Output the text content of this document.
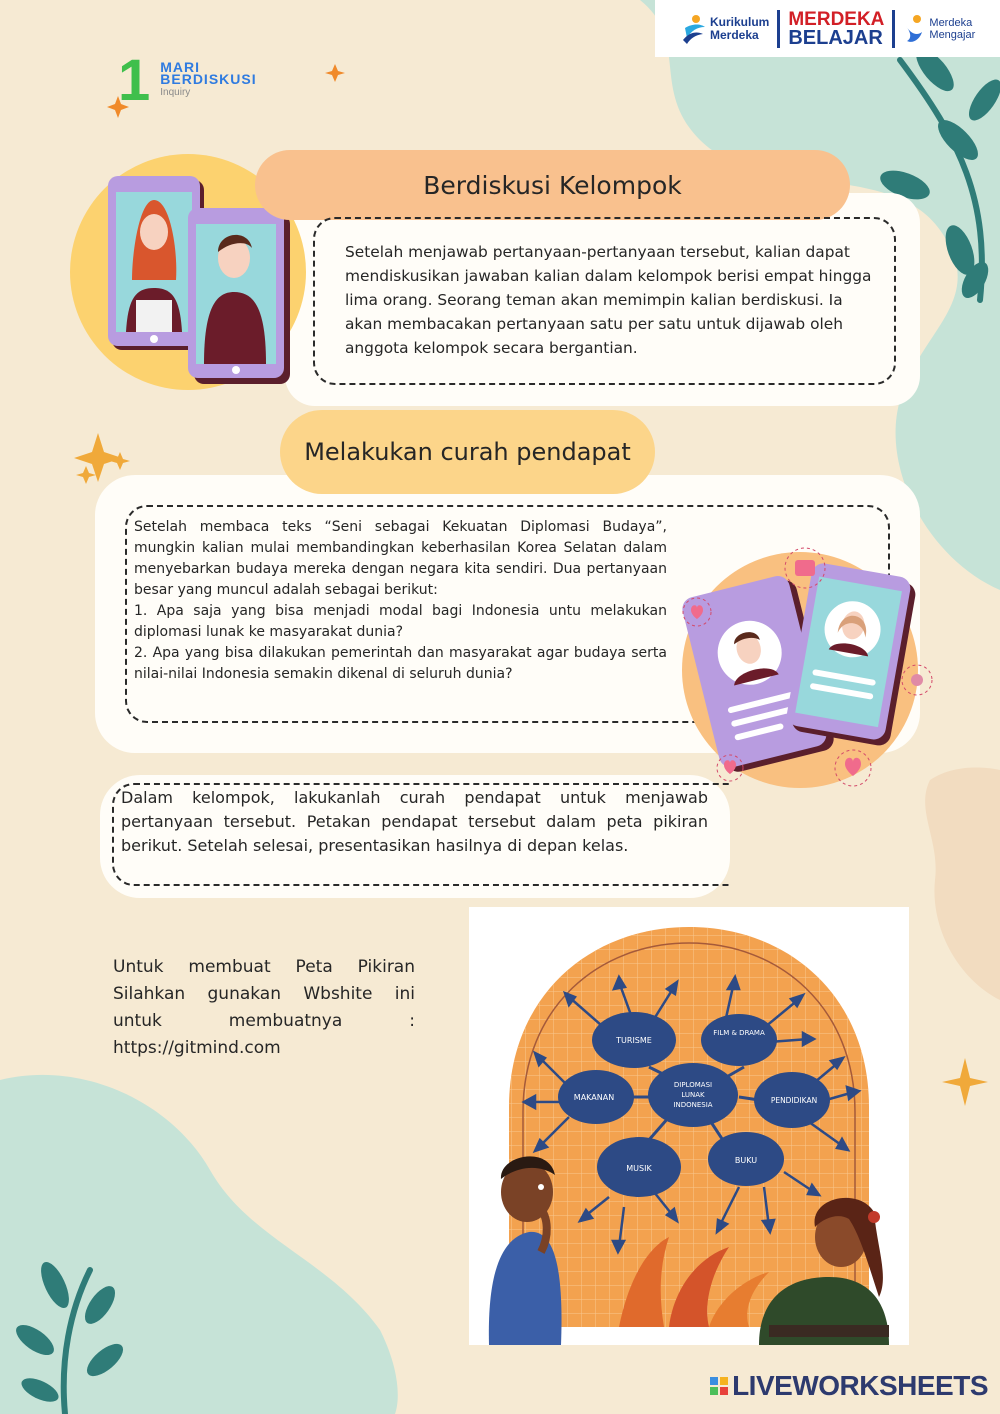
Kurikulum
Merdeka
MERDEKA
BELAJAR
Merdeka
Mengajar
1 MARI
BERDISKUSI
Inquiry
Berdiskusi Kelompok
Setelah menjawab pertanyaan-pertanyaan tersebut, kalian dapat mendiskusikan jawaban kalian dalam kelompok berisi empat hingga lima orang. Seorang teman akan memimpin kalian berdiskusi. Ia akan membacakan pertanyaan satu per satu untuk dijawab oleh anggota kelompok secara bergantian.
Melakukan curah pendapat
Setelah membaca teks “Seni sebagai Kekuatan Diplomasi Budaya”, mungkin kalian mulai membandingkan keberhasilan Korea Selatan dalam menyebarkan budaya mereka dengan negara kita sendiri. Dua pertanyaan besar yang muncul adalah sebagai berikut:
1. Apa saja yang bisa menjadi modal bagi Indonesia untu melakukan diplomasi lunak ke masyarakat dunia?
2. Apa yang bisa dilakukan pemerintah dan masyarakat agar budaya serta nilai-nilai Indonesia semakin dikenal di seluruh dunia?
Dalam kelompok, lakukanlah curah pendapat untuk menjawab pertanyaan tersebut. Petakan pendapat tersebut dalam peta pikiran berikut. Setelah selesai, presentasikan hasilnya di depan kelas.
Untuk membuat Peta Pikiran Silahkan gunakan Wbshite ini untuk membuatnya : https://gitmind.com	TURISME
FILM & DRAMA
MAKANAN
DIPLOMASI
LUNAK
INDONESIA	PENDIDIKAN
MUSIK
BUKU
LIVEWORKSHEETS
